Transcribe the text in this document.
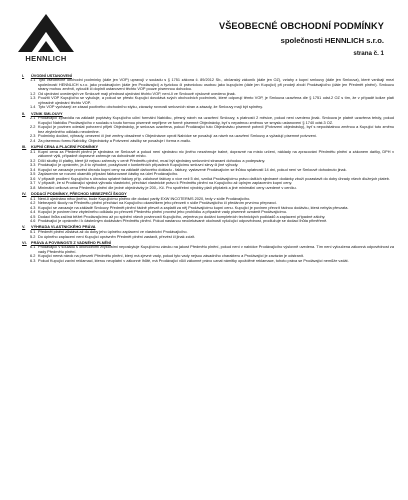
HENNLICH
VŠEOBECNÉ OBCHODNÍ PODMÍNKY
společnosti HENNLICH s.r.o.
strana č. 1
I.	ÚVODNÍ USTANOVENÍ
1.1 Tyto všeobecné obchodní podmínky (dále jen VOP) upravují v souladu s § 1751 zákona č. 89/2012 Sb., občanský zákoník (dále jen OZ), vztahy z kupní smlouvy (dále jen Smlouva), které vznikají mezi společností HENNLICH s.r.o. jako prodávajícím (dále jen Prodávající) a fyzickou či právnickou osobou jako kupujícím (dále jen Kupující) při prodeji zboží Prodávajícího (dále jen Předmět plnění). Smlouvu strany mohou změnit, vyloučit či doplnit ustanovení těchto VOP pouze písemnou dohodou.
1.2 Od ujednání uvedených ve Smlouvě mají přednost ujednání těchto VOP, není-li ve Smlouvě výslovně uvedeno jinak.
1.3 Použití VOP Kupujícího se vylučuje, a pokud se přesto Kupující dovolává svých obchodních podmínek, které odporují těmto VOP, je Smlouva uzavřena dle § 1751 odst.2 OZ s tím, že v případě kolize platí výhradně ujednání těchto VOP.
1.4 Tyto VOP vycházejí ze zásad poctivého obchodního styku, závazky rovnosti smluvních stran a zásady, že Smlouvy mají být splněny.
II.	VZNIK SMLOUVY
2.1 Prodávající zpravidla na základě poptávky Kupujícího učiní formální Nabídku, přesný návrh na uzavření Smlouvy, s platností 2 měsíce, pokud není uvedeno jinak. Smlouva je platně uzavřena tehdy, pokud Kupující Nabídku Prodávajícího v souladu s touto formou písemně nepřijme ve formě písemné Objednávky, byť s nepatrnou změnou ve smyslu ustanovení § 1740 odst.3 OZ.
2.2 Kupující je povinen odeslat potvrzení přijetí Objednávky, je smlouva uzavřena, pokud Prodávající tuto Objednávku písemně potvrdí (Potvrzení objednávky), byť s nepodstatnou změnou a Kupující tuto změnu bez zbytečného odkladu neodmítne.
2.3 Podmínky dodání, výhrady, omezení či jiné změny obsažené v Objednávce oproti Nabídce se považují za návrh na uzavření Smlouvy a vyžadují písemné potvrzení.
2.4 Za písemnou formu Nabídky, Objednávky a Potvrzení zásilky se považuje i forma e-mailu.
III.	KUPNÍ CENA A PLACENÍ PODMÍNKY
3.1 Kupní cena za Předmět plnění je sjednána ve Smlouvě a pokud není sjednáno nic jiného nezahrnuje balné, dopravné na místo určení, náklady na zpracování Předmětu plnění a zákonem daňky, DPH v zákonné výši, případně dopravné zahrnuje na dohodnuté místo.
3.2 Dílčí skutby či platby, které již nejsou zahrnuty v ceně Předmětu plnění, musí být sjednány smluvními stranami dohodou a podepsány.
3.3 Prodávající je oprávněn, je-li to výhodné, poskytovat v konkrétních případech Kupujícímu smluvní slevy či jiné výhody.
3.4 Kupující se zavazuje provést úhradu kupní ceny na základě daňového dokladu - faktury, vystavené Prodávajícím se lhůtou splatnosti 14 dní, pokud není ve Smlouvě dohodnuto jinak.
3.5 Zaplacením se rozumí okamžik připsání fakturované částky na účet Prodávajícího.
3.6 V případě prodlení Kupujícího s úhradou splatné faktury příp. zálohové faktury o více než 5 dní, vzniká Prodávajícímu právo dalších sjednané dodávky zboží pozastavit do doby úhrady všech dlužných plateb.
3.7 V případě, že si Prodávající sjedná výhradu vlastnictví, přechází vlastnické právo k Předmětu plnění na Kupujícího až úplným zaplacením kupní ceny.
3.8 Minimální celková cena Předmětu plnění dle jedné objednávky je 200,- Kč. Pro spotřební výrobky platí příplatek a jiné minimální ceny uvedené v ceníku.
IV.	DODACÍ PODMÍNKY, PŘECHOD NEBEZPEČÍ ŠKODY
4.1 Není-li ujednáno něco jiného, bude Kupujícímu plněno dle dodací parity EXW INCOTERMS 2020, tedy v sídle Prodávajícího.
4.2 Nebezpečí škody na Předmětu plnění přechází na Kupujícího okamžikem jeho převzetí v sídle Prodávajícího či předáním prvnímu přepravci.
4.3 Kupující se zavazuje na základě Smlouvy Předmět plnění řádně převzít a zaplatit za něj Prodávajícímu kupní cenu. Kupující je povinen převzít řádnou dodávku, která nebyla převzata.
4.4 Kupující je povinen bez zbytečného odkladu po převzetí Předmětu plnění provést jeho prohlídku a případné vady písemně oznámit Prodávajícímu.
4.5 Dodací lhůta začíná běžet Prodávajícímu až po splnění všech povinností Kupujícího, zejména po dodání kompletních technických podkladů a zaplacení případné zálohy.
4.6 Prodávající je oprávněn i k částečným dodávkám Předmětu plnění. Pokud nastanou neočekávané okolnosti vylučující odpovědnost, prodlužuje se dodací lhůta přiměřeně.
V.	VÝHRADA VLASTNICKÉHO PRÁVA
5.1 Předmět plnění zůstává až do doby jeho úplného zaplacení ve vlastnictví Prodávajícího.
5.2 Do úplného zaplacení není Kupující oprávněn Předmět plnění zastavit, převést či jinak zcizit.
VI.	PRÁVA A POVINNOSTI Z VADNÉHO PLNĚNÍ
6.1 Prodávající v souladu s obchodními zvyklostmi neposkytuje Kupujícímu záruku na jakost Předmětu plnění, pokud není v nabídce Prodávajícího výslovně uvedena. Tím není vyloučena zákonná odpovědnost za vady Předmětu plnění.
6.2 Kupující nemá nárok na převzetí Předmětu plnění, který má zjevné vady, pokud tyto vady nejsou zásadního charakteru a Prodávající je zavázán je odstranit.
6.3 Pokud Kupující zaviní reklamaci, kterou neuplatní v zákonné lhůtě, má Prodávající vůči zákonné právo uznat námitky opožděné reklamace, tohoto práva se Prodávající nemůže vzdát.
